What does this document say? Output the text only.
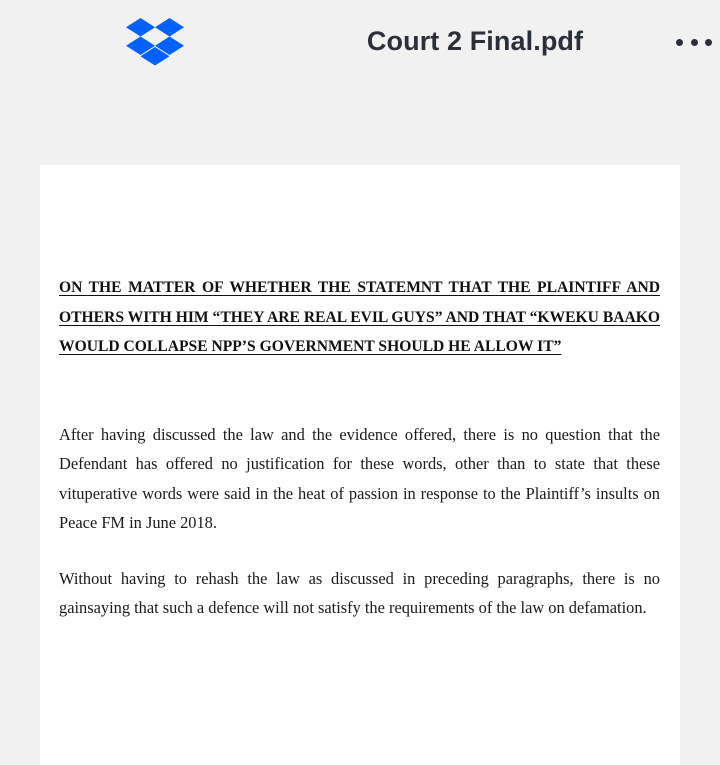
Court 2 Final.pdf

ON THE MATTER OF WHETHER THE STATEMNT THAT THE PLAINTIFF AND OTHERS WITH HIM “THEY ARE REAL EVIL GUYS” AND THAT “KWEKU BAAKO WOULD COLLAPSE NPP’S GOVERNMENT SHOULD HE ALLOW IT”

After having discussed the law and the evidence offered, there is no question that the Defendant has offered no justification for these words, other than to state that these vituperative words were said in the heat of passion in response to the Plaintiff’s insults on Peace FM in June 2018.

Without having to rehash the law as discussed in preceding paragraphs, there is no gainsaying that such a defence will not satisfy the requirements of the law on defamation.
